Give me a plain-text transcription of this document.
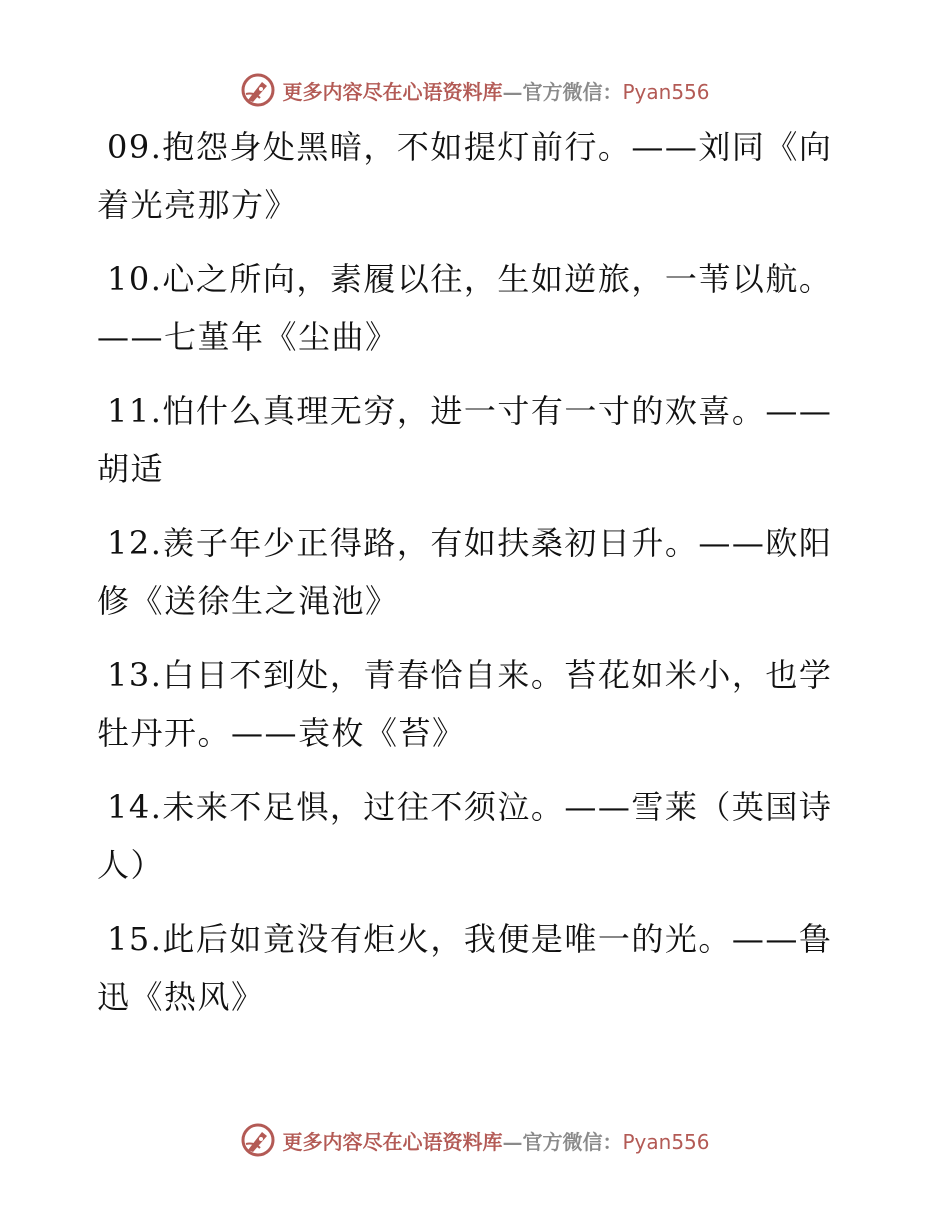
更多内容尽在心语资料库—官方微信：Pyan556

09.抱怨身处黑暗，不如提灯前行。——刘同《向着光亮那方》

10.心之所向，素履以往，生如逆旅，一苇以航。——七堇年《尘曲》

11.怕什么真理无穷，进一寸有一寸的欢喜。——胡适

12.羡子年少正得路，有如扶桑初日升。——欧阳修《送徐生之渑池》

13.白日不到处，青春恰自来。苔花如米小，也学牡丹开。——袁枚《苔》

14.未来不足惧，过往不须泣。——雪莱（英国诗人）

15.此后如竟没有炬火，我便是唯一的光。——鲁迅《热风》

更多内容尽在心语资料库—官方微信：Pyan556
